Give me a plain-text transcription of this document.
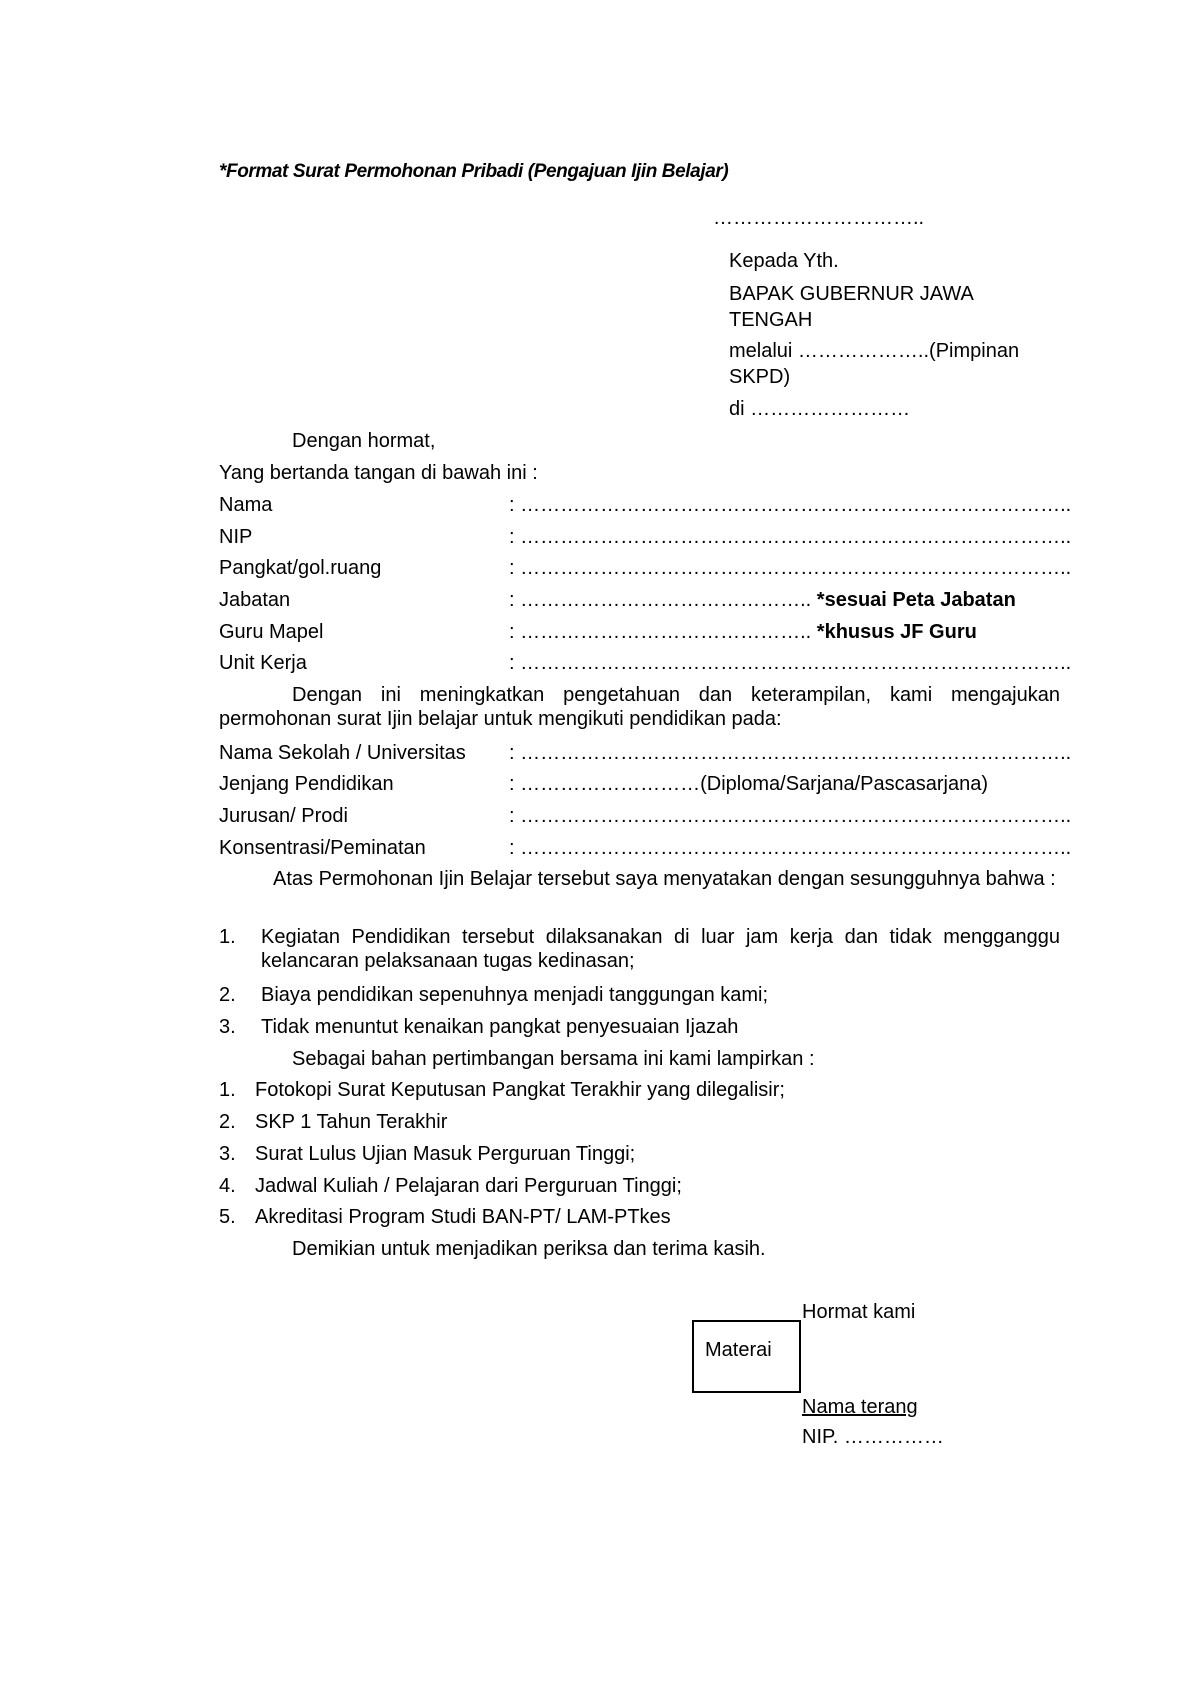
*Format Surat Permohonan Pribadi (Pengajuan Ijin Belajar)
…………………………..
Kepada Yth.
BAPAK GUBERNUR JAWA TENGAH
melalui ………………..(Pimpinan SKPD)
di ……………………
Dengan hormat,
Yang bertanda tangan di bawah ini :
Nama	: ………………………………………………………………………..
NIP	: ………………………………………………………………………..
Pangkat/gol.ruang	: ………………………………………………………………………..
Jabatan	: …………………………………….. *sesuai Peta Jabatan
Guru Mapel	: …………………………………….. *khusus JF Guru
Unit Kerja	: ………………………………………………………………………..
Dengan ini meningkatkan pengetahuan dan keterampilan, kami mengajukan permohonan surat Ijin belajar untuk mengikuti pendidikan pada:
Nama Sekolah / Universitas : ………………………………………………………………………..
Jenjang Pendidikan	: ………………………(Diploma/Sarjana/Pascasarjana)
Jurusan/ Prodi	: ………………………………………………………………………..
Konsentrasi/Peminatan	: ………………………………………………………………………..
Atas Permohonan Ijin Belajar tersebut saya menyatakan dengan sesungguhnya bahwa :
1. Kegiatan Pendidikan tersebut dilaksanakan di luar jam kerja dan tidak mengganggu kelancaran pelaksanaan tugas kedinasan;
2. Biaya pendidikan sepenuhnya menjadi tanggungan kami;
3. Tidak menuntut kenaikan pangkat penyesuaian Ijazah
Sebagai bahan pertimbangan bersama ini kami lampirkan :
1. Fotokopi Surat Keputusan Pangkat Terakhir yang dilegalisir;
2. SKP 1 Tahun Terakhir
3. Surat Lulus Ujian Masuk Perguruan Tinggi;
4. Jadwal Kuliah / Pelajaran dari Perguruan Tinggi;
5. Akreditasi Program Studi BAN-PT/ LAM-PTkes
Demikian untuk menjadikan periksa dan terima kasih.
Hormat kami
Materai
Nama terang
NIP. ……………
